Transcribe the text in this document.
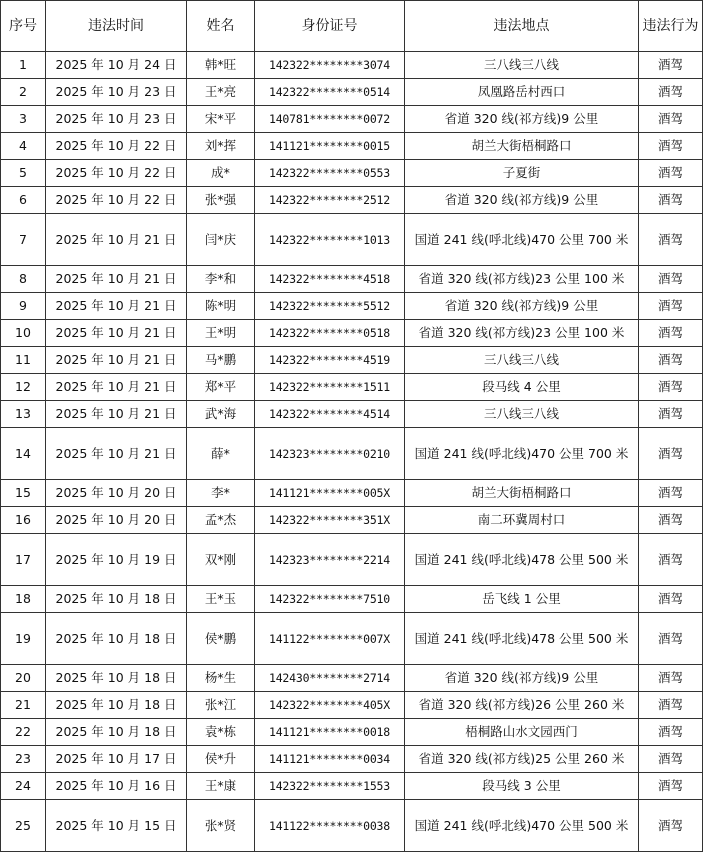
序号	违法时间	姓名	身份证号	违法地点	违法行为
1	2025 年 10 月 24 日	韩*旺	142322********3074	三八线三八线	酒驾
2	2025 年 10 月 23 日	王*亮	142322********0514	凤凰路岳村西口	酒驾
3	2025 年 10 月 23 日	宋*平	140781********0072	省道 320 线(祁方线)9 公里	酒驾
4	2025 年 10 月 22 日	刘*挥	141121********0015	胡兰大街梧桐路口	酒驾
5	2025 年 10 月 22 日	成*	142322********0553	子夏街	酒驾
6	2025 年 10 月 22 日	张*强	142322********2512	省道 320 线(祁方线)9 公里	酒驾
7	2025 年 10 月 21 日	闫*庆	142322********1013	国道 241 线(呼北线)470 公里 700 米	酒驾
8	2025 年 10 月 21 日	李*和	142322********4518	省道 320 线(祁方线)23 公里 100 米	酒驾
9	2025 年 10 月 21 日	陈*明	142322********5512	省道 320 线(祁方线)9 公里	酒驾
10	2025 年 10 月 21 日	王*明	142322********0518	省道 320 线(祁方线)23 公里 100 米	酒驾
11	2025 年 10 月 21 日	马*鹏	142322********4519	三八线三八线	酒驾
12	2025 年 10 月 21 日	郑*平	142322********1511	段马线 4 公里	酒驾
13	2025 年 10 月 21 日	武*海	142322********4514	三八线三八线	酒驾
14	2025 年 10 月 21 日	薛*	142323********0210	国道 241 线(呼北线)470 公里 700 米	酒驾
15	2025 年 10 月 20 日	李*	141121********005X	胡兰大街梧桐路口	酒驾
16	2025 年 10 月 20 日	孟*杰	142322********351X	南二环冀周村口	酒驾
17	2025 年 10 月 19 日	双*刚	142323********2214	国道 241 线(呼北线)478 公里 500 米	酒驾
18	2025 年 10 月 18 日	王*玉	142322********7510	岳飞线 1 公里	酒驾
19	2025 年 10 月 18 日	侯*鹏	141122********007X	国道 241 线(呼北线)478 公里 500 米	酒驾
20	2025 年 10 月 18 日	杨*生	142430********2714	省道 320 线(祁方线)9 公里	酒驾
21	2025 年 10 月 18 日	张*江	142322********405X	省道 320 线(祁方线)26 公里 260 米	酒驾
22	2025 年 10 月 18 日	袁*栋	141121********0018	梧桐路山水文园西门	酒驾
23	2025 年 10 月 17 日	侯*升	141121********0034	省道 320 线(祁方线)25 公里 260 米	酒驾
24	2025 年 10 月 16 日	王*康	142322********1553	段马线 3 公里	酒驾
25	2025 年 10 月 15 日	张*贤	141122********0038	国道 241 线(呼北线)470 公里 500 米	酒驾
